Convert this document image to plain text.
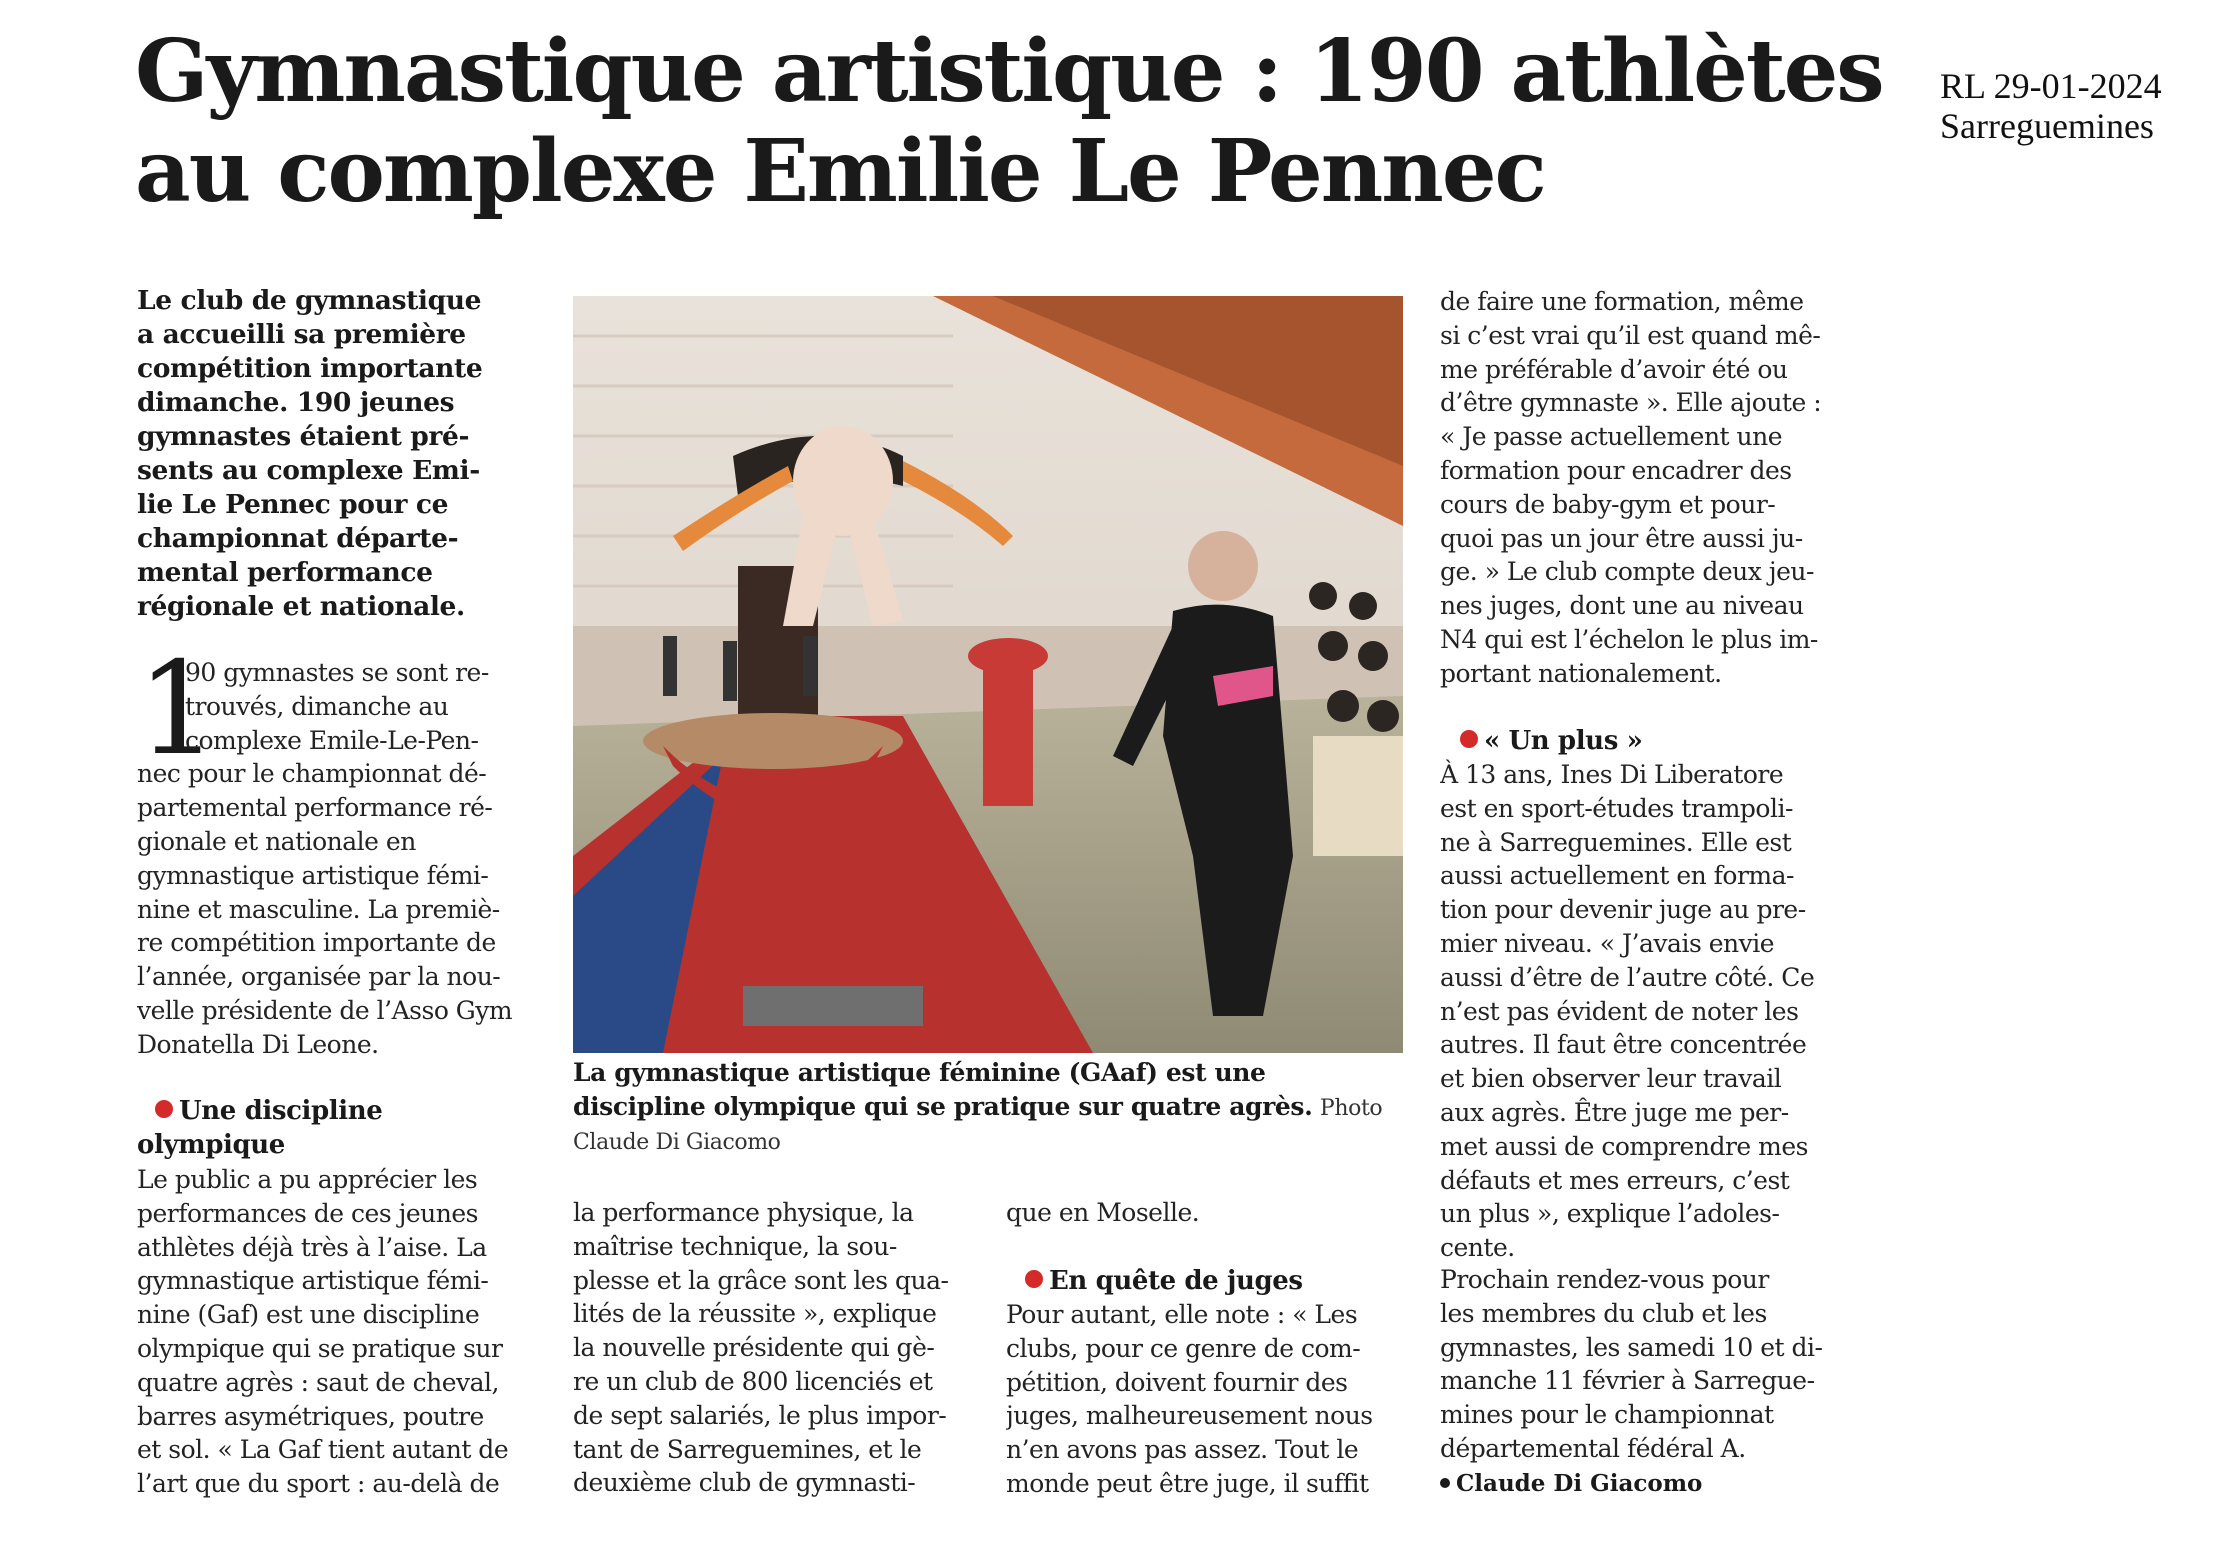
RL 29-01-2024
Sarreguemines
Gymnastique artistique : 190 athlètes
au complexe Emilie Le Pennec
Le club de gymnastique
a accueilli sa première
compétition importante
dimanche. 190 jeunes
gymnastes étaient pré-
sents au complexe Emi-
lie Le Pennec pour ce
championnat départe-
mental performance
régionale et nationale.
1
90 gymnastes se sont re-
trouvés, dimanche au
complexe Emile-Le-Pen-
nec pour le championnat dé-
partemental performance ré-
gionale et nationale en
gymnastique artistique fémi-
nine et masculine. La premiè-
re compétition importante de
l’année, organisée par la nou-
velle présidente de l’Asso Gym
Donatella Di Leone.
Une discipline
olympique
Le public a pu apprécier les
performances de ces jeunes
athlètes déjà très à l’aise. La
gymnastique artistique fémi-
nine (Gaf) est une discipline
olympique qui se pratique sur
quatre agrès : saut de cheval,
barres asymétriques, poutre
et sol. « La Gaf tient autant de
l’art que du sport : au-delà de
La gymnastique artistique féminine (GAaf) est une
discipline olympique qui se pratique sur quatre agrès. Photo
Claude Di Giacomo
la performance physique, la
maîtrise technique, la sou-
plesse et la grâce sont les qua-
lités de la réussite », explique
la nouvelle présidente qui gè-
re un club de 800 licenciés et
de sept salariés, le plus impor-
tant de Sarreguemines, et le
deuxième club de gymnasti-
que en Moselle.
En quête de juges
Pour autant, elle note : « Les
clubs, pour ce genre de com-
pétition, doivent fournir des
juges, malheureusement nous
n’en avons pas assez. Tout le
monde peut être juge, il suffit
de faire une formation, même
si c’est vrai qu’il est quand mê-
me préférable d’avoir été ou
d’être gymnaste ». Elle ajoute :
« Je passe actuellement une
formation pour encadrer des
cours de baby-gym et pour-
quoi pas un jour être aussi ju-
ge. » Le club compte deux jeu-
nes juges, dont une au niveau
N4 qui est l’échelon le plus im-
portant nationalement.
« Un plus »
À 13 ans, Ines Di Liberatore
est en sport-études trampoli-
ne à Sarreguemines. Elle est
aussi actuellement en forma-
tion pour devenir juge au pre-
mier niveau. « J’avais envie
aussi d’être de l’autre côté. Ce
n’est pas évident de noter les
autres. Il faut être concentrée
et bien observer leur travail
aux agrès. Être juge me per-
met aussi de comprendre mes
défauts et mes erreurs, c’est
un plus », explique l’adoles-
cente.
Prochain rendez-vous pour
les membres du club et les
gymnastes, les samedi 10 et di-
manche 11 février à Sarregue-
mines pour le championnat
départemental fédéral A.
Claude Di Giacomo
